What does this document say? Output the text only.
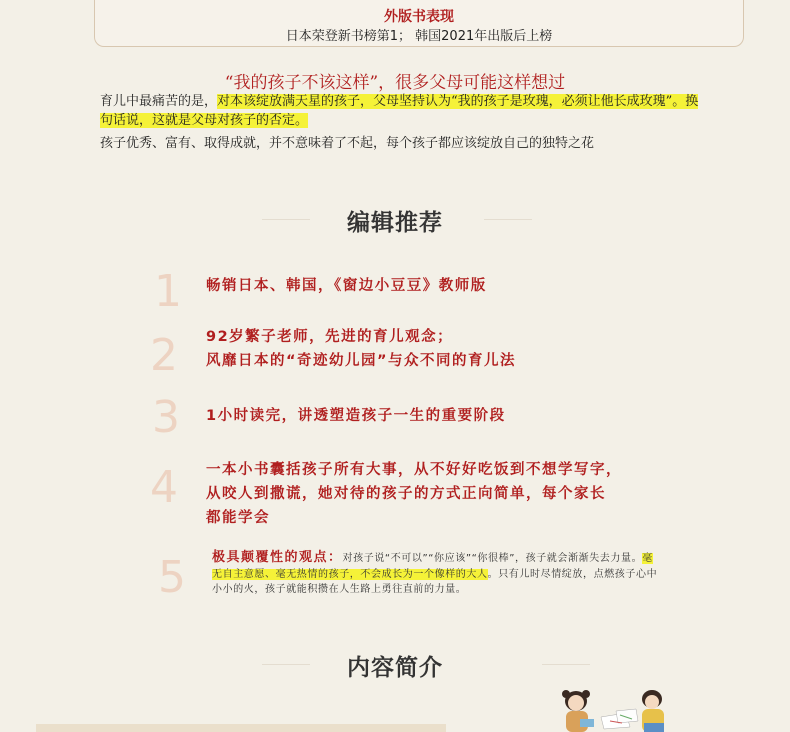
外版书表现
日本荣登新书榜第1； 韩国2021年出版后上榜
“我的孩子不该这样”，很多父母可能这样想过
育儿中最痛苦的是，对本该绽放满天星的孩子，父母坚持认为“我的孩子是玫瑰，必须让他长成玫瑰”。换句话说，这就是父母对孩子的否定。
孩子优秀、富有、取得成就，并不意味着了不起，每个孩子都应该绽放自己的独特之花
编辑推荐
1 畅销日本、韩国，《窗边小豆豆》教师版
2 92岁繁子老师，先进的育儿观念；
风靡日本的“奇迹幼儿园”与众不同的育儿法
3 1小时读完，讲透塑造孩子一生的重要阶段
4 一本小书囊括孩子所有大事，从不好好吃饭到不想学写字，
从咬人到撒谎，她对待的孩子的方式正向简单，每个家长
都能学会
5 极具颠覆性的观点：对孩子说“不可以”“你应该”“你很棒”，孩子就会渐渐失去力量。毫无自主意愿、毫无热情的孩子，不会成长为一个像样的大人。只有儿时尽情绽放，点燃孩子心中小小的火，孩子就能积攒在人生路上勇往直前的力量。
内容简介
